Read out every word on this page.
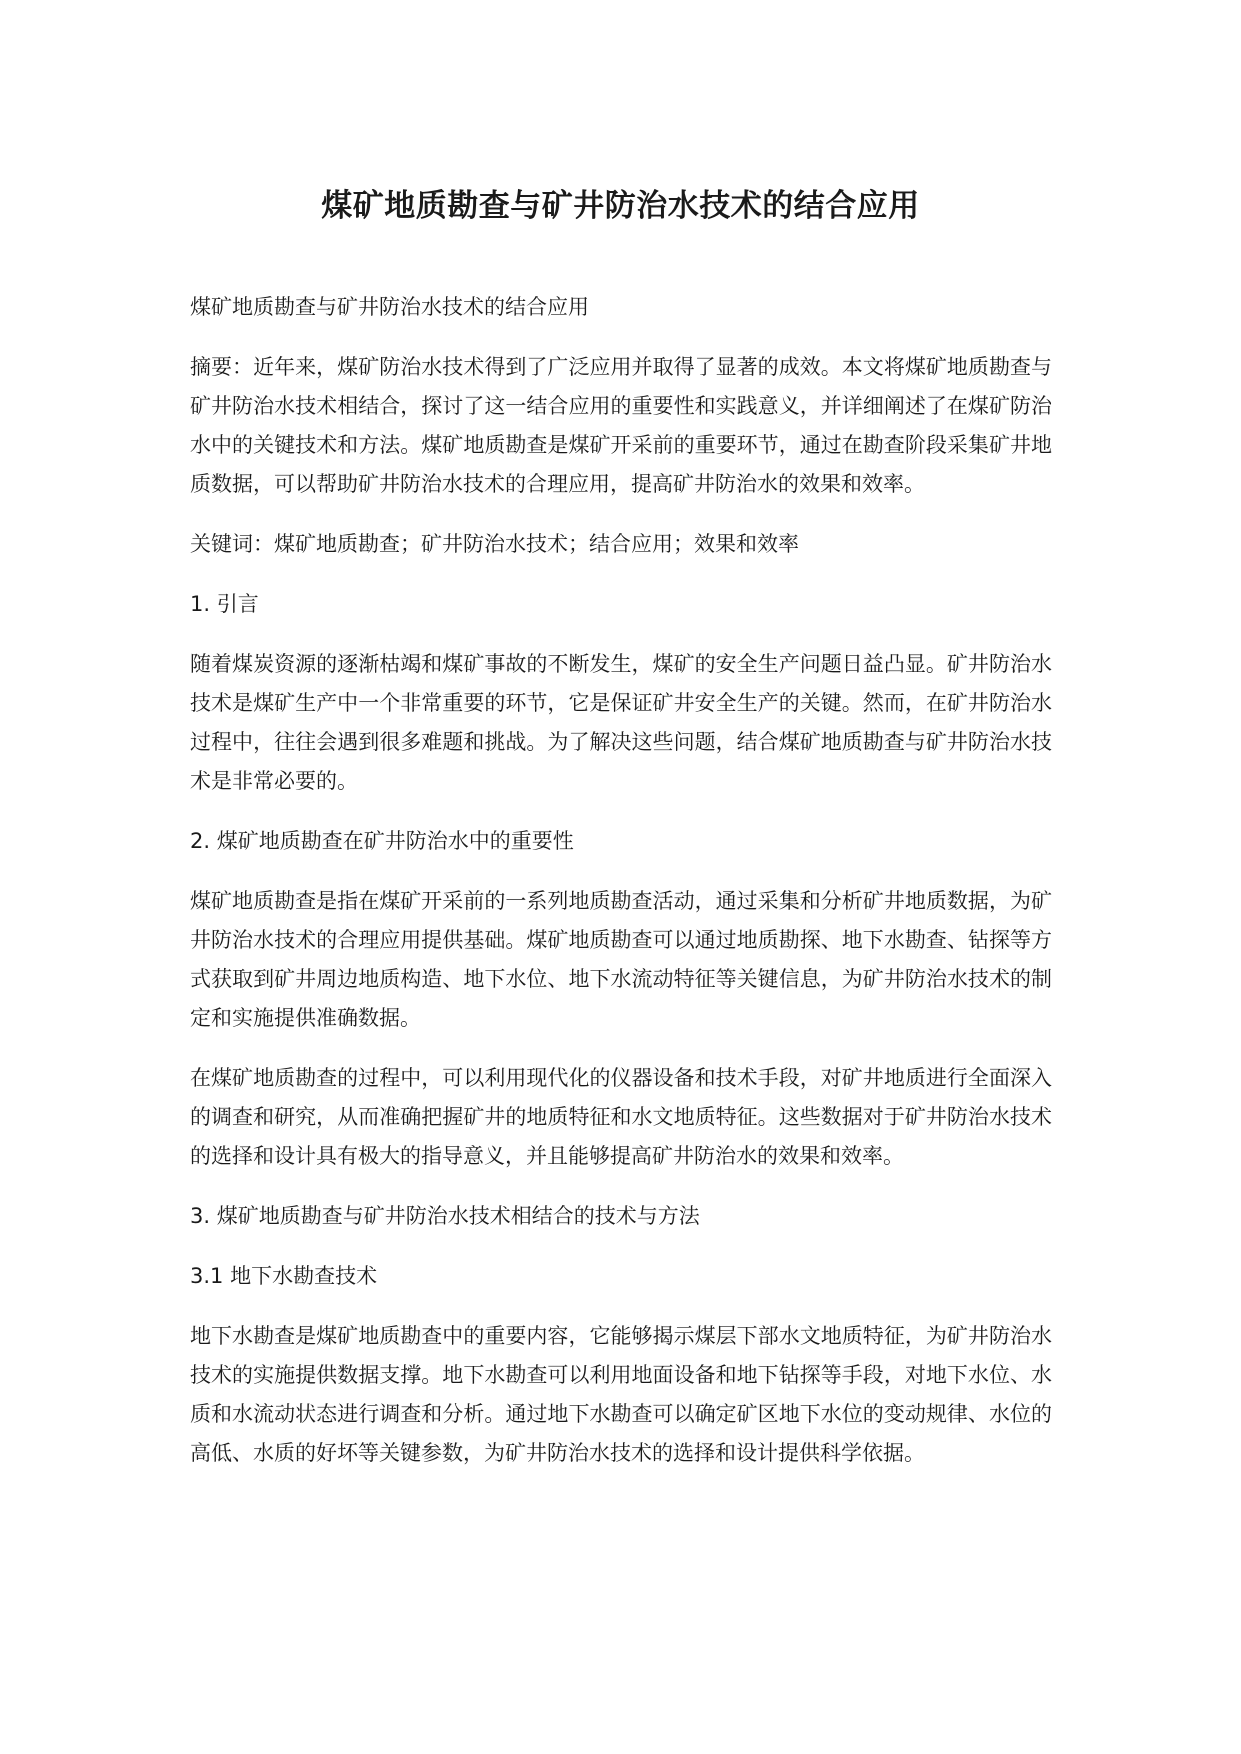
煤矿地质勘查与矿井防治水技术的结合应用

煤矿地质勘查与矿井防治水技术的结合应用

摘要：近年来，煤矿防治水技术得到了广泛应用并取得了显著的成效。本文将煤矿地质勘查与矿井防治水技术相结合，探讨了这一结合应用的重要性和实践意义，并详细阐述了在煤矿防治水中的关键技术和方法。煤矿地质勘查是煤矿开采前的重要环节，通过在勘查阶段采集矿井地质数据，可以帮助矿井防治水技术的合理应用，提高矿井防治水的效果和效率。

关键词：煤矿地质勘查；矿井防治水技术；结合应用；效果和效率

1. 引言

随着煤炭资源的逐渐枯竭和煤矿事故的不断发生，煤矿的安全生产问题日益凸显。矿井防治水技术是煤矿生产中一个非常重要的环节，它是保证矿井安全生产的关键。然而，在矿井防治水过程中，往往会遇到很多难题和挑战。为了解决这些问题，结合煤矿地质勘查与矿井防治水技术是非常必要的。

2. 煤矿地质勘查在矿井防治水中的重要性

煤矿地质勘查是指在煤矿开采前的一系列地质勘查活动，通过采集和分析矿井地质数据，为矿井防治水技术的合理应用提供基础。煤矿地质勘查可以通过地质勘探、地下水勘查、钻探等方式获取到矿井周边地质构造、地下水位、地下水流动特征等关键信息，为矿井防治水技术的制定和实施提供准确数据。

在煤矿地质勘查的过程中，可以利用现代化的仪器设备和技术手段，对矿井地质进行全面深入的调查和研究，从而准确把握矿井的地质特征和水文地质特征。这些数据对于矿井防治水技术的选择和设计具有极大的指导意义，并且能够提高矿井防治水的效果和效率。

3. 煤矿地质勘查与矿井防治水技术相结合的技术与方法

3.1 地下水勘查技术

地下水勘查是煤矿地质勘查中的重要内容，它能够揭示煤层下部水文地质特征，为矿井防治水技术的实施提供数据支撑。地下水勘查可以利用地面设备和地下钻探等手段，对地下水位、水质和水流动状态进行调查和分析。通过地下水勘查可以确定矿区地下水位的变动规律、水位的高低、水质的好坏等关键参数，为矿井防治水技术的选择和设计提供科学依据。
